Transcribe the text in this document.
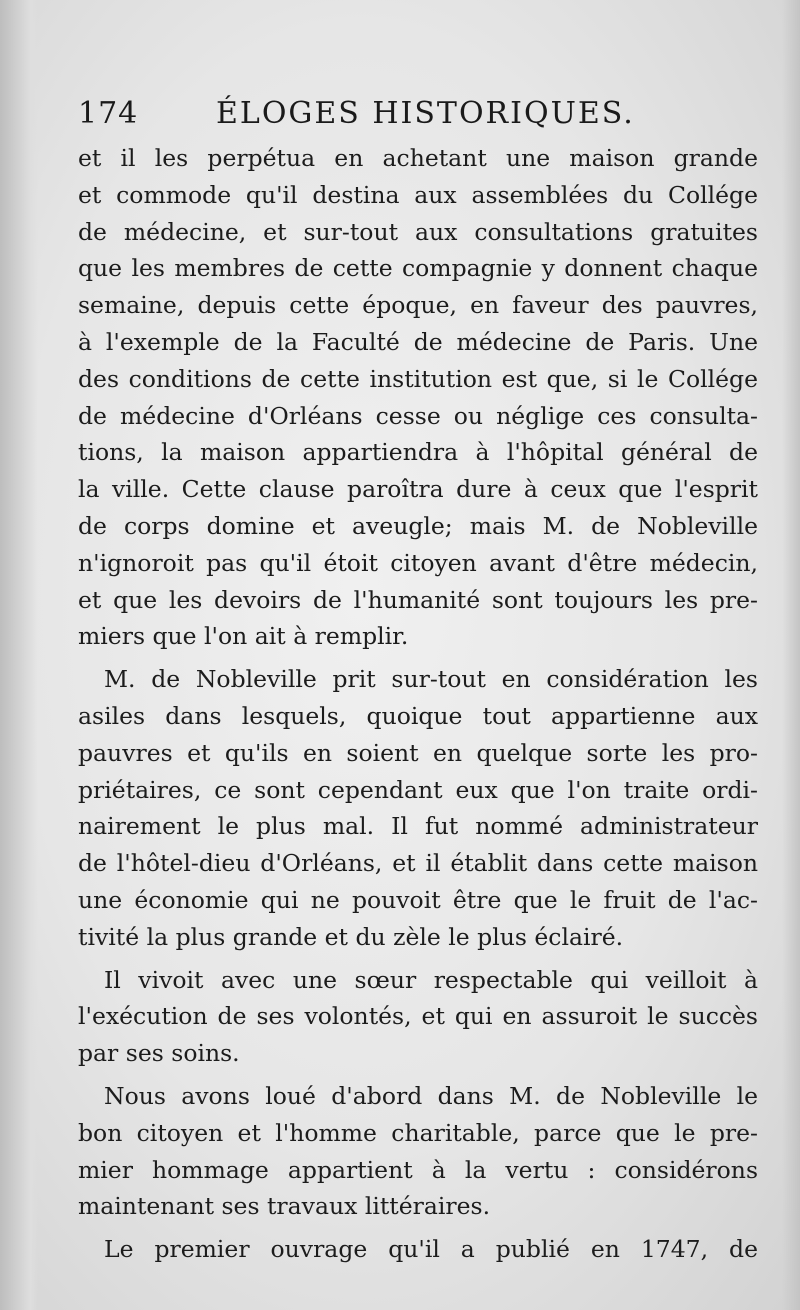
174	ÉLOGES HISTORIQUES.
et il les perpétua en achetant une maison grande
et commode qu'il destina aux assemblées du Collége
de médecine, et sur-tout aux consultations gratuites
que les membres de cette compagnie y donnent chaque
semaine, depuis cette époque, en faveur des pauvres,
à l'exemple de la Faculté de médecine de Paris. Une
des conditions de cette institution est que, si le Collége
de médecine d'Orléans cesse ou néglige ces consulta-
tions, la maison appartiendra à l'hôpital général de
la ville. Cette clause paroîtra dure à ceux que l'esprit
de corps domine et aveugle; mais M. de Nobleville
n'ignoroit pas qu'il étoit citoyen avant d'être médecin,
et que les devoirs de l'humanité sont toujours les pre-
miers que l'on ait à remplir.
M. de Nobleville prit sur-tout en considération les
asiles dans lesquels, quoique tout appartienne aux
pauvres et qu'ils en soient en quelque sorte les pro-
priétaires, ce sont cependant eux que l'on traite ordi-
nairement le plus mal. Il fut nommé administrateur
de l'hôtel-dieu d'Orléans, et il établit dans cette maison
une économie qui ne pouvoit être que le fruit de l'ac-
tivité la plus grande et du zèle le plus éclairé.
Il vivoit avec une sœur respectable qui veilloit à
l'exécution de ses volontés, et qui en assuroit le succès
par ses soins.
Nous avons loué d'abord dans M. de Nobleville le
bon citoyen et l'homme charitable, parce que le pre-
mier hommage appartient à la vertu : considérons
maintenant ses travaux littéraires.
Le premier ouvrage qu'il a publié en 1747, de
